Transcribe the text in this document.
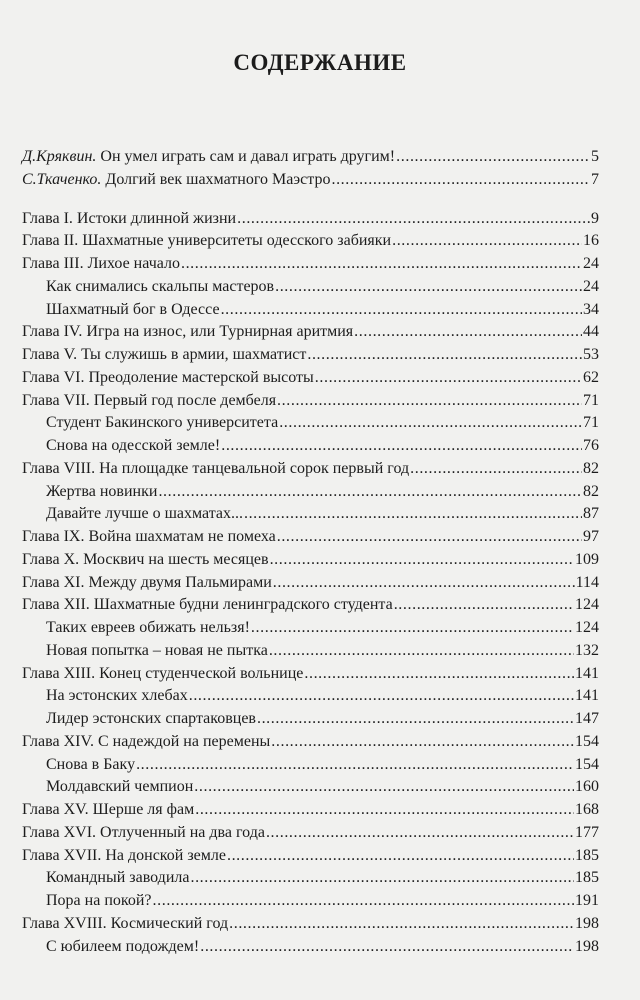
СОДЕРЖАНИЕ
Д.Кряквин. Он умел играть сам и давал играть другим! .....	5
С.Ткаченко. Долгий век шахматного Маэстро .....	7
Глава I. Истоки длинной жизни .....	9
Глава II. Шахматные университеты одесского забияки .....	16
Глава III. Лихое начало .....	24
Как снимались скальпы мастеров .....	24
Шахматный бог в Одессе .....	34
Глава IV. Игра на износ, или Турнирная аритмия .....	44
Глава V. Ты служишь в армии, шахматист .....	53
Глава VI. Преодоление мастерской высоты .....	62
Глава VII. Первый год после дембеля .....	71
Студент Бакинского университета .....	71
Снова на одесской земле! .....	76
Глава VIII. На площадке танцевальной сорок первый год .....	82
Жертва новинки .....	82
Давайте лучше о шахматах... .....	87
Глава IX. Война шахматам не помеха .....	97
Глава X. Москвич на шесть месяцев .....	109
Глава XI. Между двумя Пальмирами .....	114
Глава XII. Шахматные будни ленинградского студента .....	124
Таких евреев обижать нельзя! .....	124
Новая попытка – новая не пытка .....	132
Глава XIII. Конец студенческой вольницe .....	141
На эстонских хлебах .....	141
Лидер эстонских спартаковцев .....	147
Глава XIV. С надеждой на перемены .....	154
Снова в Баку .....	154
Молдавский чемпион .....	160
Глава XV. Шерше ля фам .....	168
Глава XVI. Отлученный на два года .....	177
Глава XVII. На донской земле .....	185
Командный заводила .....	185
Пора на покой? .....	191
Глава XVIII. Космический год .....	198
С юбилеем подождем! .....	198
